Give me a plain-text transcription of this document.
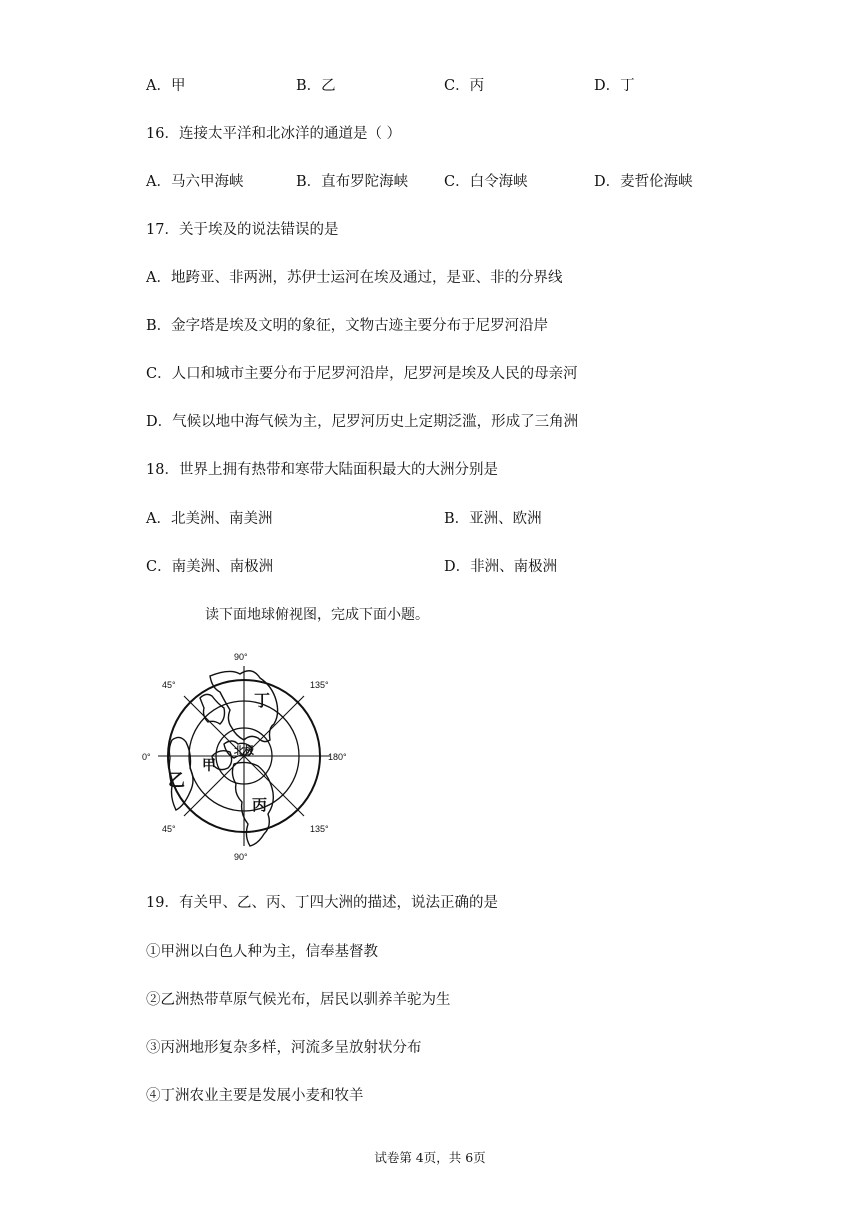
A．甲	B．乙	C．丙	D．丁
16．连接太平洋和北冰洋的通道是（ ）
A．马六甲海峡	B．直布罗陀海峡 C．白令海峡	D．麦哲伦海峡
17．关于埃及的说法错误的是
A．地跨亚、非两洲，苏伊士运河在埃及通过，是亚、非的分界线
B．金字塔是埃及文明的象征，文物古迹主要分布于尼罗河沿岸
C．人口和城市主要分布于尼罗河沿岸，尼罗河是埃及人民的母亲河
D．气候以地中海气候为主，尼罗河历史上定期泛滥，形成了三角洲
18．世界上拥有热带和寒带大陆面积最大的大洲分别是
A．北美洲、南美洲	B．亚洲、欧洲
C．南美洲、南极洲	D．非洲、南极洲
读下面地球俯视图，完成下面小题。
90°
45°	135°
0°	180°
45°	135°
90°
甲
乙
丙
丁
北极
19．有关甲、乙、丙、丁四大洲的描述，说法正确的是
①甲洲以白色人种为主，信奉基督教
②乙洲热带草原气候光布，居民以驯养羊驼为生
③丙洲地形复杂多样，河流多呈放射状分布
④丁洲农业主要是发展小麦和牧羊
试卷第 4页，共 6页
